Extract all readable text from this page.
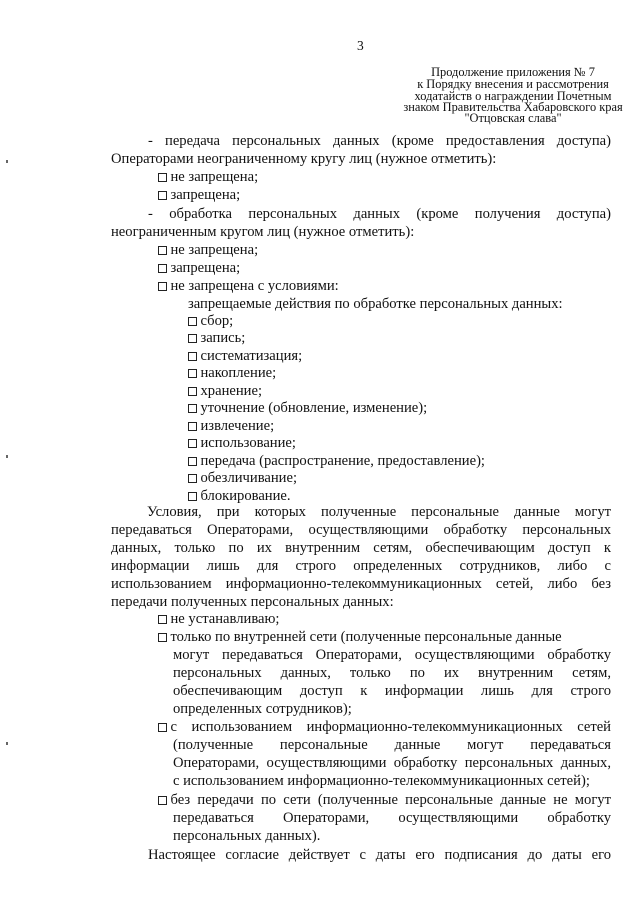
3
Продолжение приложения № 7
к Порядку внесения и рассмотрения
ходатайств о награждении Почетным
знаком Правительства Хабаровского края
"Отцовская слава"
- передача персональных данных (кроме предоставления доступа)
Операторами неограниченному кругу лиц (нужное отметить):
не запрещена;
запрещена;
- обработка персональных данных (кроме получения доступа)
неограниченным кругом лиц (нужное отметить):
не запрещена;
запрещена;
не запрещена с условиями:
запрещаемые действия по обработке персональных данных:
сбор;
запись;
систематизация;
накопление;
хранение;
уточнение (обновление, изменение);
извлечение;
использование;
передача (распространение, предоставление);
обезличивание;
блокирование.
Условия, при которых полученные персональные данные могут
передаваться Операторами, осуществляющими обработку персональных
данных, только по их внутренним сетям, обеспечивающим доступ к
информации лишь для строго определенных сотрудников, либо с
использованием информационно-телекоммуникационных сетей, либо без
передачи полученных персональных данных:
не устанавливаю;
только по внутренней сети (полученные персональные данные
могут передаваться Операторами, осуществляющими обработку
персональных данных, только по их внутренним сетям,
обеспечивающим доступ к информации лишь для строго
определенных сотрудников);
с использованием информационно-телекоммуникационных сетей
(полученные персональные данные могут передаваться
Операторами, осуществляющими обработку персональных данных,
с использованием информационно-телекоммуникационных сетей);
без передачи по сети (полученные персональные данные не могут
передаваться Операторами, осуществляющими обработку
персональных данных).
Настоящее согласие действует с даты его подписания до даты его
